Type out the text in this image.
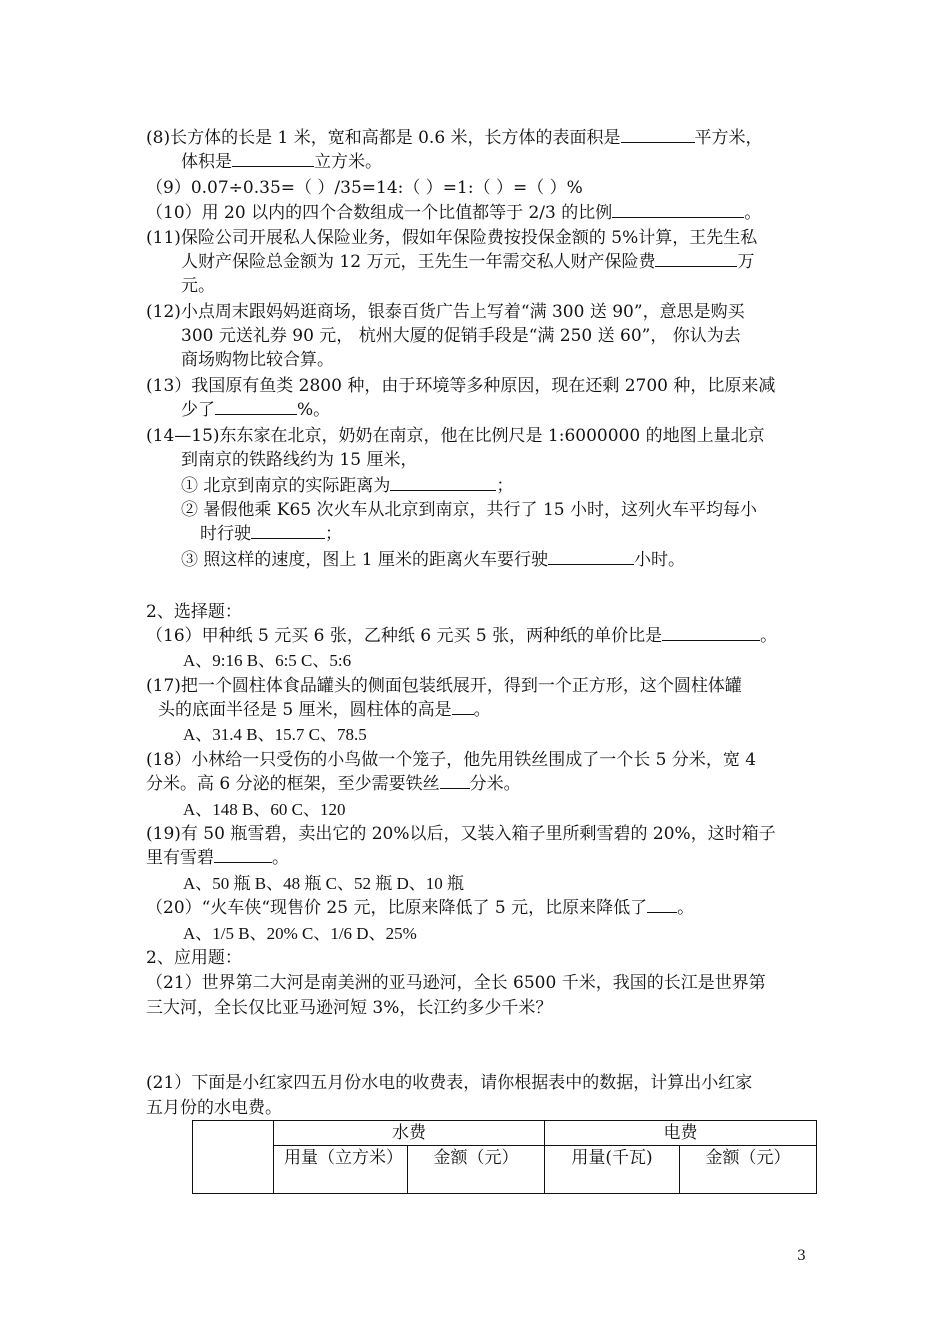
(8)长方体的长是 1 米，宽和高都是 0.6 米，长方体的表面积是	平方米，
体积是	立方米。
（9）0.07÷0.35=（ ）/35=14:（ ）=1:（ ）=（ ）%
（10）用 20 以内的四个合数组成一个比值都等于 2/3 的比例	。
(11)保险公司开展私人保险业务，假如年保险费按投保金额的 5%计算，王先生私
人财产保险总金额为 12 万元，王先生一年需交私人财产保险费	万
元。
(12)小点周末跟妈妈逛商场，银泰百货广告上写着“满 300 送 90”，意思是购买
300 元送礼券 90 元， 杭州大厦的促销手段是“满 250 送 60”， 你认为去
商场购物比较合算。
(13）我国原有鱼类 2800 种，由于环境等多种原因，现在还剩 2700 种，比原来减
少了	%。
(14—15)东东家在北京，奶奶在南京，他在比例尺是 1:6000000 的地图上量北京
到南京的铁路线约为 15 厘米，
① 北京到南京的实际距离为	；
② 暑假他乘 K65 次火车从北京到南京，共行了 15 小时，这列火车平均每小
时行驶	；
③ 照这样的速度，图上 1 厘米的距离火车要行驶	小时。
2、选择题：
（16）甲种纸 5 元买 6 张，乙种纸 6 元买 5 张，两种纸的单价比是	。
A、9:16 B、6:5 C、5:6
(17)把一个圆柱体食品罐头的侧面包装纸展开，得到一个正方形，这个圆柱体罐
头的底面半径是 5 厘米，圆柱体的高是 。
A、31.4 B、15.7 C、78.5
(18）小林给一只受伤的小鸟做一个笼子，他先用铁丝围成了一个长 5 分米，宽 4
分米。高 6 分泌的框架，至少需要铁丝 分米。
A、148 B、60 C、120
(19)有 50 瓶雪碧，卖出它的 20%以后，又装入箱子里所剩雪碧的 20%，这时箱子
里有雪碧	。
A、50 瓶 B、48 瓶 C、52 瓶 D、10 瓶
（20）“火车侠“现售价 25 元，比原来降低了 5 元，比原来降低了 。
A、1/5 B、20% C、1/6 D、25%
2、应用题：
（21）世界第二大河是南美洲的亚马逊河，全长 6500 千米，我国的长江是世界第
三大河，全长仅比亚马逊河短 3%，长江约多少千米？
(21）下面是小红家四五月份水电的收费表，请你根据表中的数据，计算出小红家
五月份的水电费。
	水费		电费	
	用量（立方米）	金额（元）	用量(千瓦)	金额（元）
3
